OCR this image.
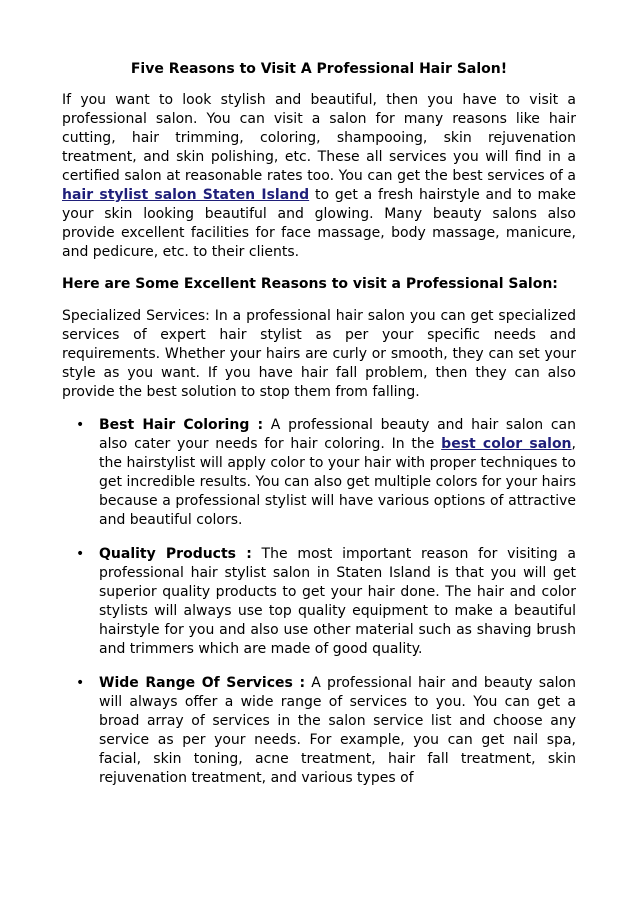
Five Reasons to Visit A Professional Hair Salon!

If you want to look stylish and beautiful, then you have to visit a professional salon. You can visit a salon for many reasons like hair cutting, hair trimming, coloring, shampooing, skin rejuvenation treatment, and skin polishing, etc. These all services you will find in a certified salon at reasonable rates too. You can get the best services of a hair stylist salon Staten Island to get a fresh hairstyle and to make your skin looking beautiful and glowing. Many beauty salons also provide excellent facilities for face massage, body massage, manicure, and pedicure, etc. to their clients.

Here are Some Excellent Reasons to visit a Professional Salon:

Specialized Services: In a professional hair salon you can get specialized services of expert hair stylist as per your specific needs and requirements. Whether your hairs are curly or smooth, they can set your style as you want. If you have hair fall problem, then they can also provide the best solution to stop them from falling.

• Best Hair Coloring : A professional beauty and hair salon can also cater your needs for hair coloring. In the best color salon, the hairstylist will apply color to your hair with proper techniques to get incredible results. You can also get multiple colors for your hairs because a professional stylist will have various options of attractive and beautiful colors.
• Quality Products : The most important reason for visiting a professional hair stylist salon in Staten Island is that you will get superior quality products to get your hair done. The hair and color stylists will always use top quality equipment to make a beautiful hairstyle for you and also use other material such as shaving brush and trimmers which are made of good quality.
• Wide Range Of Services : A professional hair and beauty salon will always offer a wide range of services to you. You can get a broad array of services in the salon service list and choose any service as per your needs. For example, you can get nail spa, facial, skin toning, acne treatment, hair fall treatment, skin rejuvenation treatment, and various types of
